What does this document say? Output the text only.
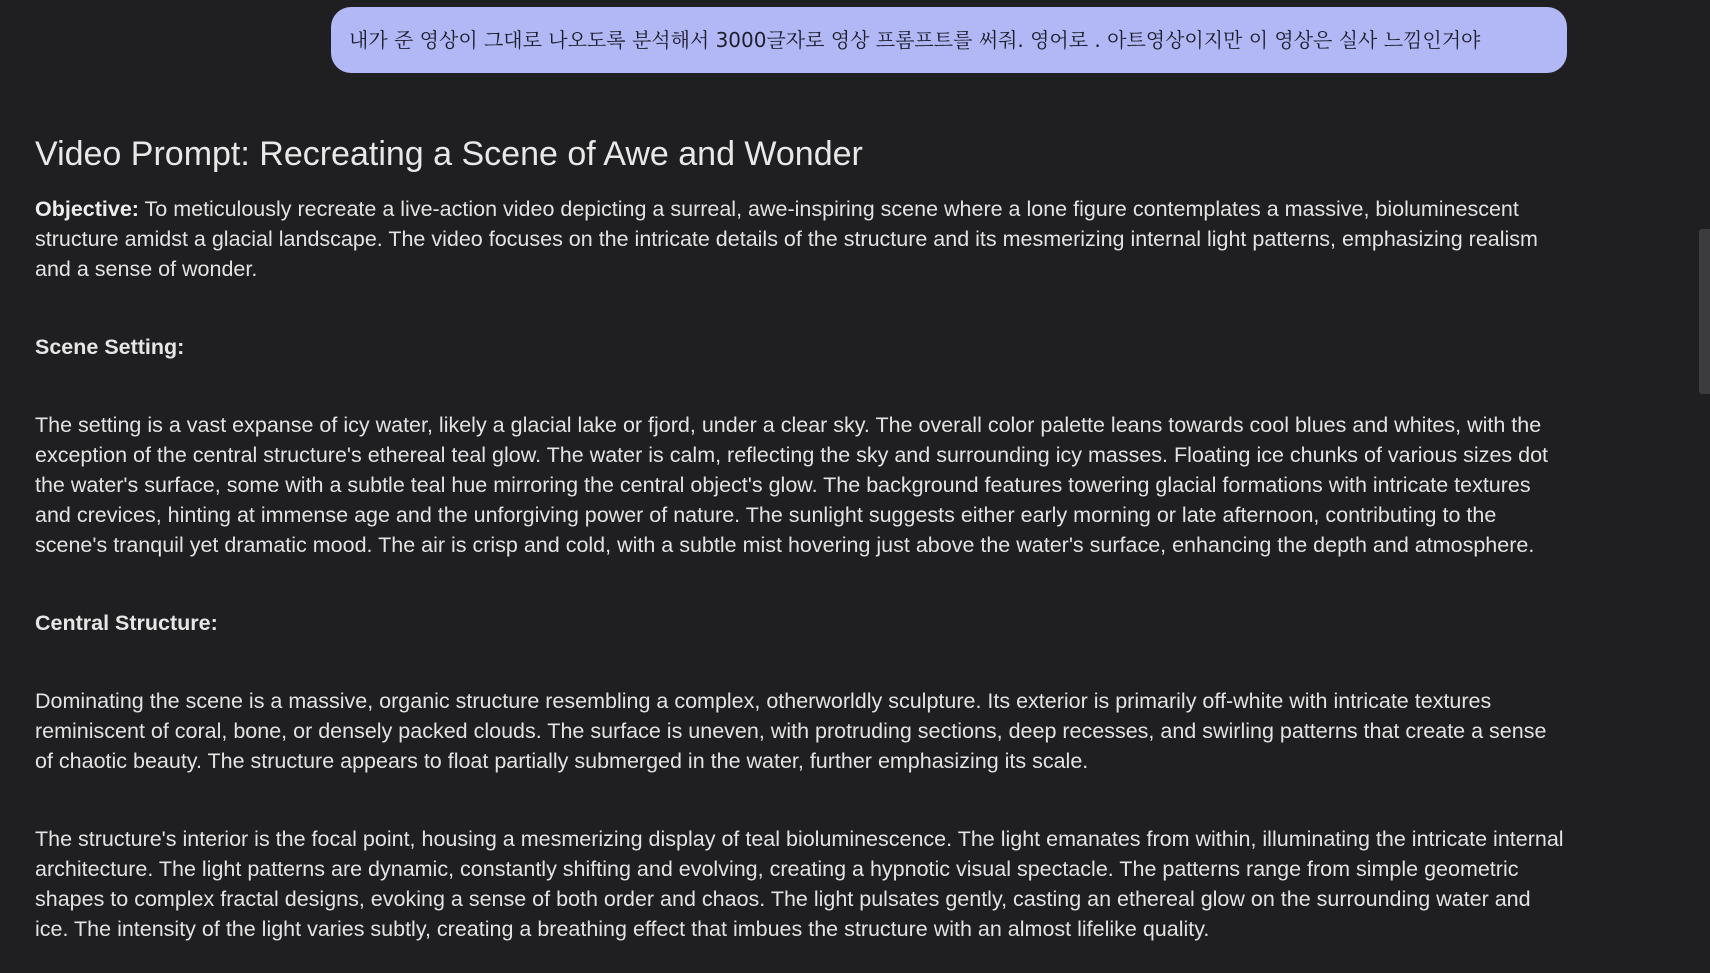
내가 준 영상이 그대로 나오도록 분석해서 3000글자로 영상 프롬프트를 써줘. 영어로 . 아트영상이지만 이 영상은 실사 느낌인거야
Video Prompt: Recreating a Scene of Awe and Wonder

Objective: To meticulously recreate a live-action video depicting a surreal, awe-inspiring scene where a lone figure contemplates a massive, bioluminescent structure amidst a glacial landscape. The video focuses on the intricate details of the structure and its mesmerizing internal light patterns, emphasizing realism and a sense of wonder.

Scene Setting:

The setting is a vast expanse of icy water, likely a glacial lake or fjord, under a clear sky. The overall color palette leans towards cool blues and whites, with the exception of the central structure's ethereal teal glow. The water is calm, reflecting the sky and surrounding icy masses. Floating ice chunks of various sizes dot the water's surface, some with a subtle teal hue mirroring the central object's glow. The background features towering glacial formations with intricate textures and crevices, hinting at immense age and the unforgiving power of nature. The sunlight suggests either early morning or late afternoon, contributing to the scene's tranquil yet dramatic mood. The air is crisp and cold, with a subtle mist hovering just above the water's surface, enhancing the depth and atmosphere.

Central Structure:

Dominating the scene is a massive, organic structure resembling a complex, otherworldly sculpture. Its exterior is primarily off-white with intricate textures reminiscent of coral, bone, or densely packed clouds. The surface is uneven, with protruding sections, deep recesses, and swirling patterns that create a sense of chaotic beauty. The structure appears to float partially submerged in the water, further emphasizing its scale.

The structure's interior is the focal point, housing a mesmerizing display of teal bioluminescence. The light emanates from within, illuminating the intricate internal architecture. The light patterns are dynamic, constantly shifting and evolving, creating a hypnotic visual spectacle. The patterns range from simple geometric shapes to complex fractal designs, evoking a sense of both order and chaos. The light pulsates gently, casting an ethereal glow on the surrounding water and ice. The intensity of the light varies subtly, creating a breathing effect that imbues the structure with an almost lifelike quality.
